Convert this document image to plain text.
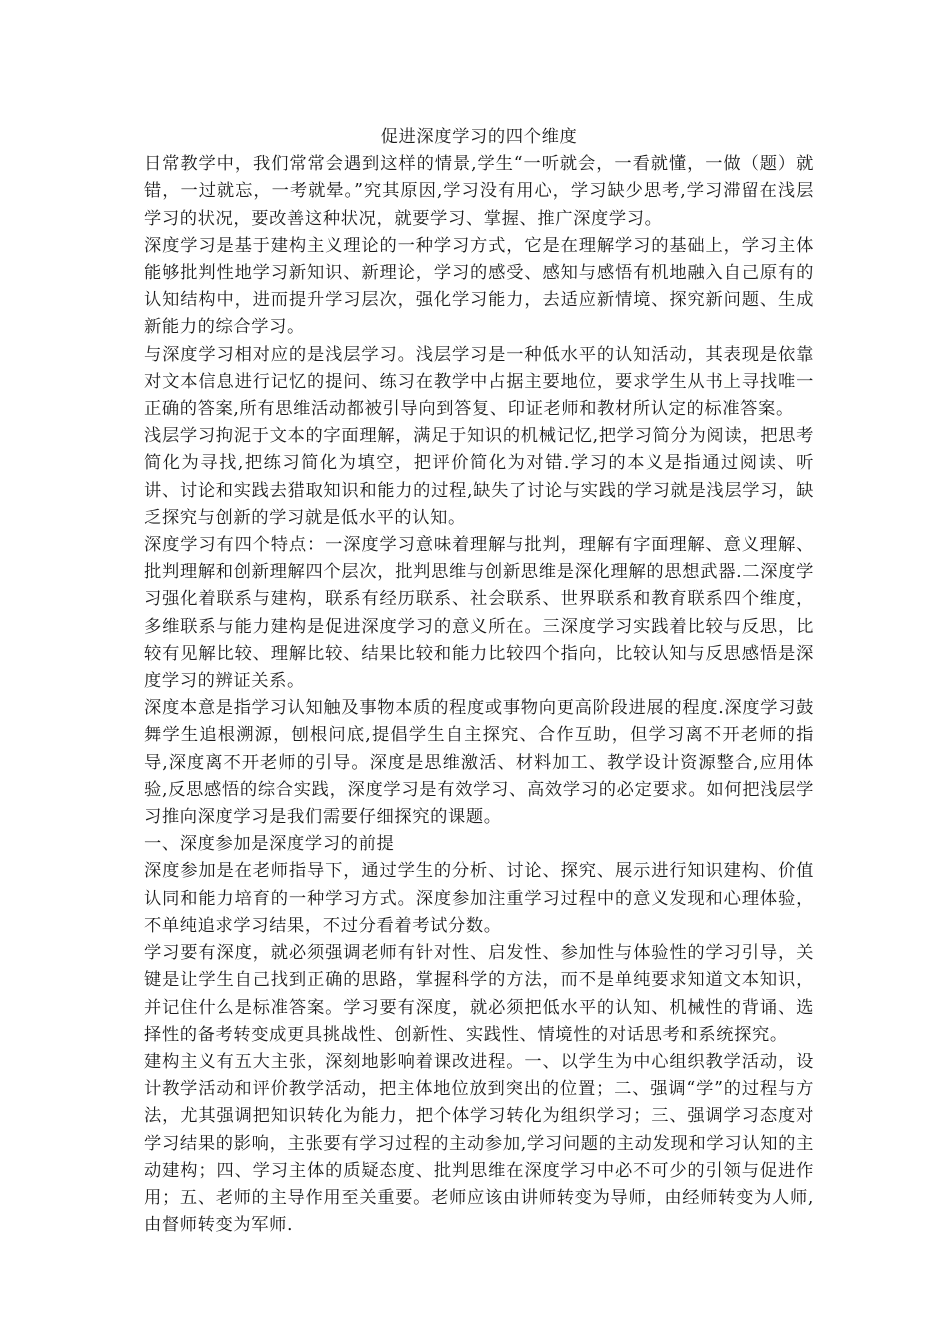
促进深度学习的四个维度

日常教学中，我们常常会遇到这样的情景,学生“一听就会，一看就懂，一做（题）就错，一过就忘，一考就晕。”究其原因,学习没有用心，学习缺少思考,学习滞留在浅层学习的状况，要改善这种状况，就要学习、掌握、推广深度学习。

深度学习是基于建构主义理论的一种学习方式，它是在理解学习的基础上，学习主体能够批判性地学习新知识、新理论，学习的感受、感知与感悟有机地融入自己原有的认知结构中，进而提升学习层次，强化学习能力，去适应新情境、探究新问题、生成新能力的综合学习。

与深度学习相对应的是浅层学习。浅层学习是一种低水平的认知活动，其表现是依靠对文本信息进行记忆的提问、练习在教学中占据主要地位，要求学生从书上寻找唯一正确的答案,所有思维活动都被引导向到答复、印证老师和教材所认定的标准答案。

浅层学习拘泥于文本的字面理解，满足于知识的机械记忆,把学习简分为阅读，把思考简化为寻找,把练习简化为填空，把评价简化为对错.学习的本义是指通过阅读、听讲、讨论和实践去猎取知识和能力的过程,缺失了讨论与实践的学习就是浅层学习，缺乏探究与创新的学习就是低水平的认知。

深度学习有四个特点：一深度学习意味着理解与批判，理解有字面理解、意义理解、批判理解和创新理解四个层次，批判思维与创新思维是深化理解的思想武器.二深度学习强化着联系与建构，联系有经历联系、社会联系、世界联系和教育联系四个维度，多维联系与能力建构是促进深度学习的意义所在。三深度学习实践着比较与反思，比较有见解比较、理解比较、结果比较和能力比较四个指向，比较认知与反思感悟是深度学习的辨证关系。

深度本意是指学习认知触及事物本质的程度或事物向更高阶段进展的程度.深度学习鼓舞学生追根溯源，刨根问底,提倡学生自主探究、合作互助，但学习离不开老师的指导,深度离不开老师的引导。深度是思维激活、材料加工、教学设计资源整合,应用体验,反思感悟的综合实践，深度学习是有效学习、高效学习的必定要求。如何把浅层学习推向深度学习是我们需要仔细探究的课题。

一、深度参加是深度学习的前提

深度参加是在老师指导下，通过学生的分析、讨论、探究、展示进行知识建构、价值认同和能力培育的一种学习方式。深度参加注重学习过程中的意义发现和心理体验，不单纯追求学习结果，不过分看着考试分数。

学习要有深度，就必须强调老师有针对性、启发性、参加性与体验性的学习引导，关键是让学生自己找到正确的思路，掌握科学的方法，而不是单纯要求知道文本知识，并记住什么是标准答案。学习要有深度，就必须把低水平的认知、机械性的背诵、选择性的备考转变成更具挑战性、创新性、实践性、情境性的对话思考和系统探究。

建构主义有五大主张，深刻地影响着课改进程。一、以学生为中心组织教学活动，设计教学活动和评价教学活动，把主体地位放到突出的位置；二、强调“学”的过程与方法，尤其强调把知识转化为能力，把个体学习转化为组织学习；三、强调学习态度对学习结果的影响，主张要有学习过程的主动参加,学习问题的主动发现和学习认知的主动建构；四、学习主体的质疑态度、批判思维在深度学习中必不可少的引领与促进作用；五、老师的主导作用至关重要。老师应该由讲师转变为导师，由经师转变为人师,由督师转变为军师.
